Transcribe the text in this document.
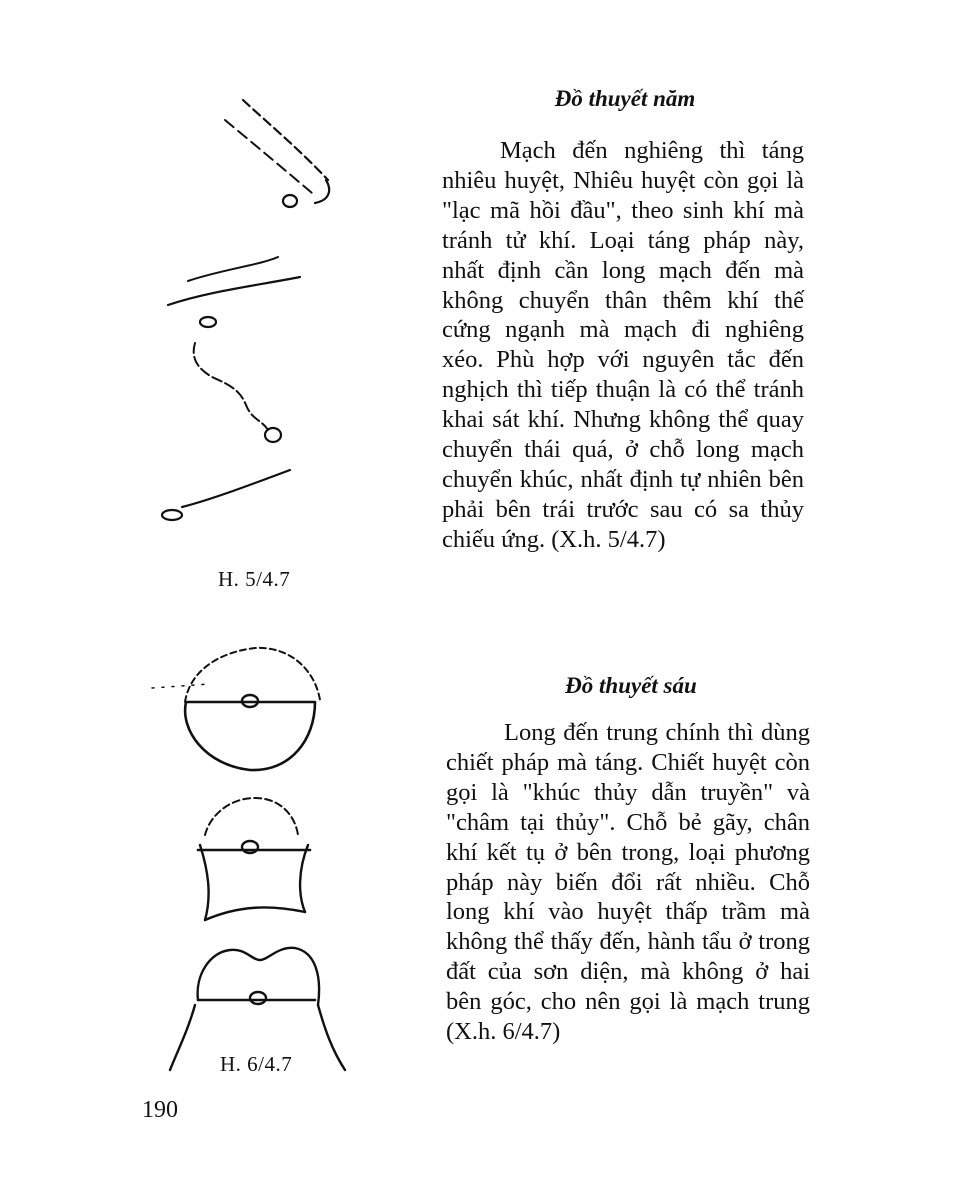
H. 5/4.7
H. 6/4.7
Đồ thuyết năm

Mạch đến nghiêng thì táng nhiêu huyệt, Nhiêu huyệt còn gọi là "lạc mã hồi đầu", theo sinh khí mà tránh tử khí. Loại táng pháp này, nhất định cần long mạch đến mà không chuyển thân thêm khí thế cứng ngạnh mà mạch đi nghiêng xéo. Phù hợp với nguyên tắc đến nghịch thì tiếp thuận là có thể tránh khai sát khí. Nhưng không thể quay chuyển thái quá, ở chỗ long mạch chuyển khúc, nhất định tự nhiên bên phải bên trái trước sau có sa thủy chiếu ứng. (X.h. 5/4.7)

Đồ thuyết sáu

Long đến trung chính thì dùng chiết pháp mà táng. Chiết huyệt còn gọi là "khúc thủy dẫn truyền" và "châm tại thủy". Chỗ bẻ gãy, chân khí kết tụ ở bên trong, loại phương pháp này biến đổi rất nhiều. Chỗ long khí vào huyệt thấp trầm mà không thể thấy đến, hành tẩu ở trong đất của sơn diện, mà không ở hai bên góc, cho nên gọi là mạch trung (X.h. 6/4.7)

190
